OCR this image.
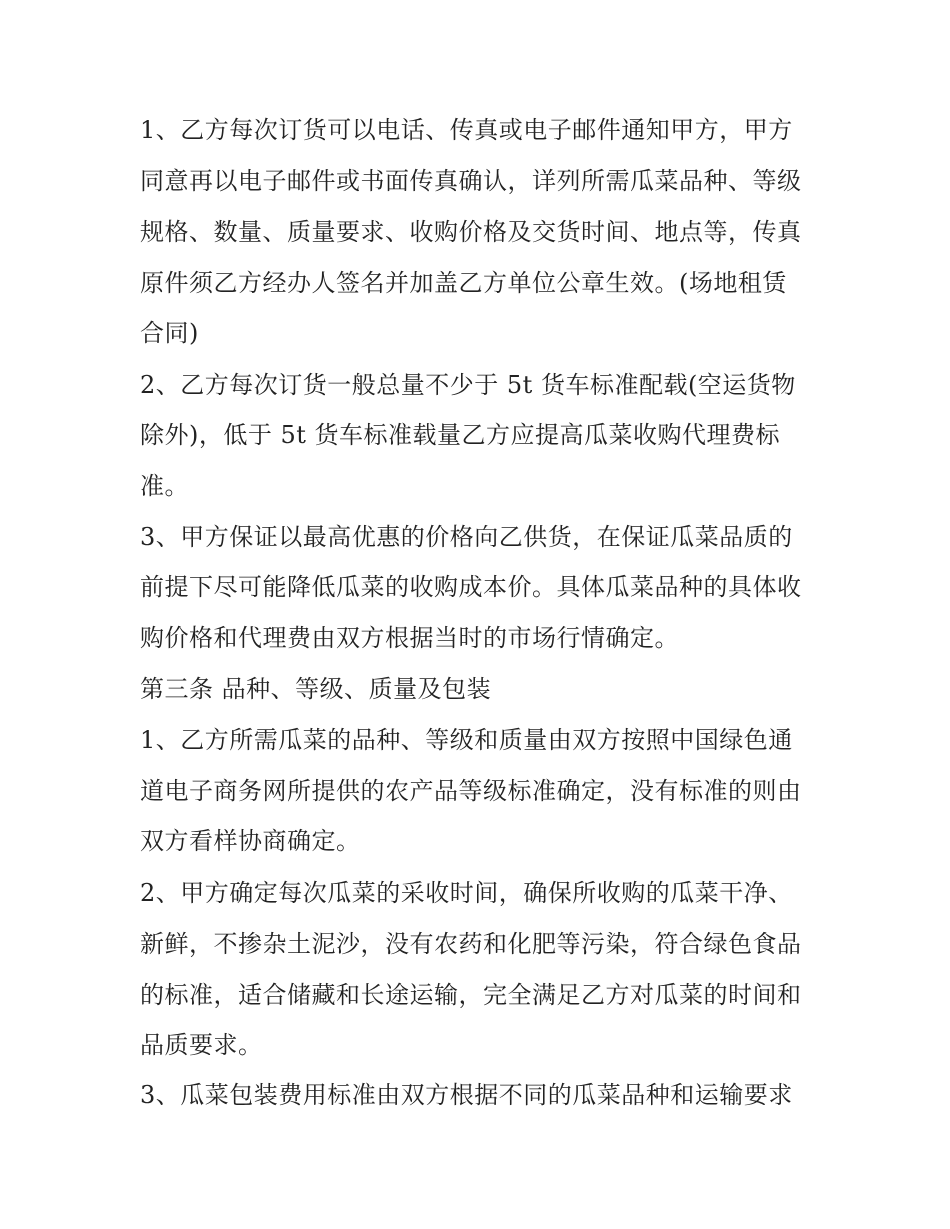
1、乙方每次订货可以电话、传真或电子邮件通知甲方，甲方
同意再以电子邮件或书面传真确认，详列所需瓜菜品种、等级
规格、数量、质量要求、收购价格及交货时间、地点等，传真
原件须乙方经办人签名并加盖乙方单位公章生效。(场地租赁
合同)
2、乙方每次订货一般总量不少于 5t 货车标准配载(空运货物
除外)，低于 5t 货车标准载量乙方应提高瓜菜收购代理费标
准。
3、甲方保证以最高优惠的价格向乙供货，在保证瓜菜品质的
前提下尽可能降低瓜菜的收购成本价。具体瓜菜品种的具体收
购价格和代理费由双方根据当时的市场行情确定。
第三条 品种、等级、质量及包装
1、乙方所需瓜菜的品种、等级和质量由双方按照中国绿色通
道电子商务网所提供的农产品等级标准确定，没有标准的则由
双方看样协商确定。
2、甲方确定每次瓜菜的采收时间，确保所收购的瓜菜干净、
新鲜，不掺杂土泥沙，没有农药和化肥等污染，符合绿色食品
的标准，适合储藏和长途运输，完全满足乙方对瓜菜的时间和
品质要求。
3、瓜菜包装费用标准由双方根据不同的瓜菜品种和运输要求
